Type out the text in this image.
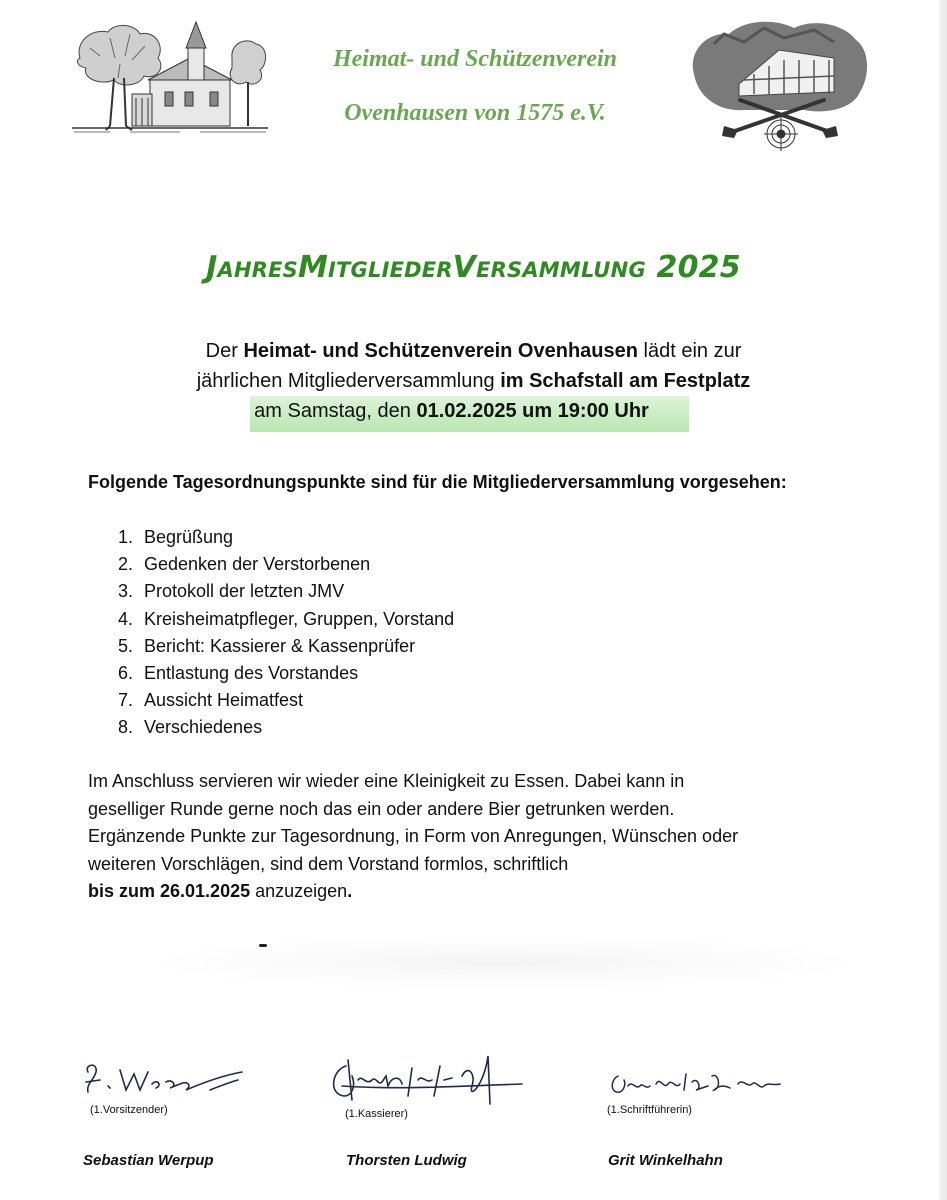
Heimat- und Schützenverein
Ovenhausen von 1575 e.V.
JahresMitgliederVersammlung 2025
Der Heimat- und Schützenverein Ovenhausen lädt ein zur
jährlichen Mitgliederversammlung im Schafstall am Festplatz
am Samstag, den 01.02.2025 um 19:00 Uhr
Folgende Tagesordnungspunkte sind für die Mitgliederversammlung vorgesehen:
1. Begrüßung
2. Gedenken der Verstorbenen
3. Protokoll der letzten JMV
4. Kreisheimatpfleger, Gruppen, Vorstand
5. Bericht: Kassierer & Kassenprüfer
6. Entlastung des Vorstandes
7. Aussicht Heimatfest
8. Verschiedenes

Im Anschluss servieren wir wieder eine Kleinigkeit zu Essen. Dabei kann in

geselliger Runde gerne noch das ein oder andere Bier getrunken werden.

Ergänzende Punkte zur Tagesordnung, in Form von Anregungen, Wünschen oder

weiteren Vorschlägen, sind dem Vorstand formlos, schriftlich

bis zum 26.01.2025 anzuzeigen.

(1.Vorsitzender)
Sebastian Werpup
(1.Kassierer)
Thorsten Ludwig
(1.Schriftführerin)
Grit Winkelhahn
